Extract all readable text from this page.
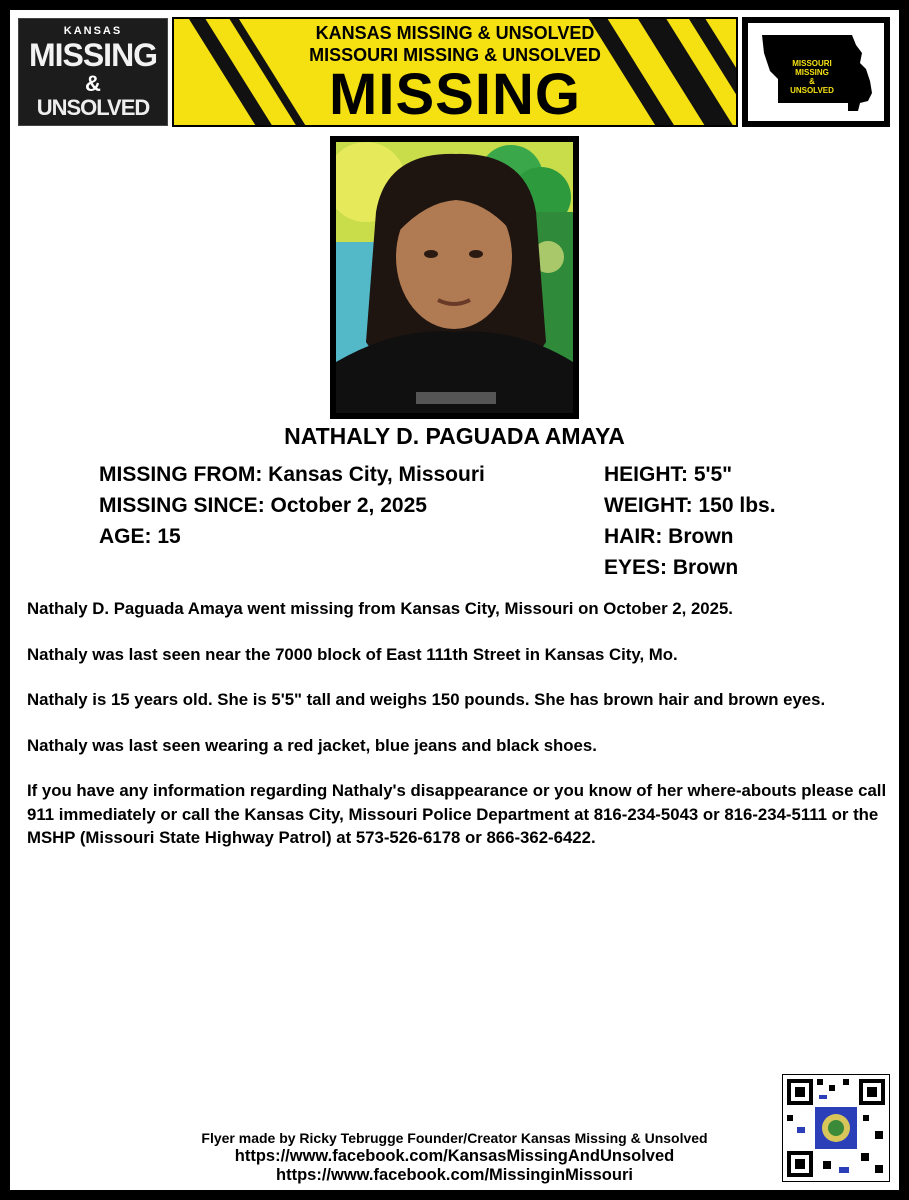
KANSAS
MISSING
&
UNSOLVED
KANSAS MISSING & UNSOLVED
MISSOURI MISSING & UNSOLVED
MISSING	MISSOURI
MISSING
&
UNSOLVED
NATHALY D. PAGUADA AMAYA
MISSING FROM: Kansas City, Missouri
MISSING SINCE: October 2, 2025
AGE: 15
HEIGHT: 5'5"
WEIGHT: 150 lbs.
HAIR: Brown
EYES: Brown

Nathaly D. Paguada Amaya went missing from Kansas City, Missouri on October 2, 2025.

Nathaly was last seen near the 7000 block of East 111th Street in Kansas City, Mo.

Nathaly is 15 years old. She is 5'5" tall and weighs 150 pounds. She has brown hair and brown eyes.

Nathaly was last seen wearing a red jacket, blue jeans and black shoes.

If you have any information regarding Nathaly's disappearance or you know of her where-abouts please call 911 immediately or call the Kansas City, Missouri Police Department at 816-234-5043 or 816-234-5111 or the MSHP (Missouri State Highway Patrol) at 573-526-6178 or 866-362-6422.

Flyer made by Ricky Tebrugge Founder/Creator Kansas Missing & Unsolved
https://www.facebook.com/KansasMissingAndUnsolved
https://www.facebook.com/MissinginMissouri
